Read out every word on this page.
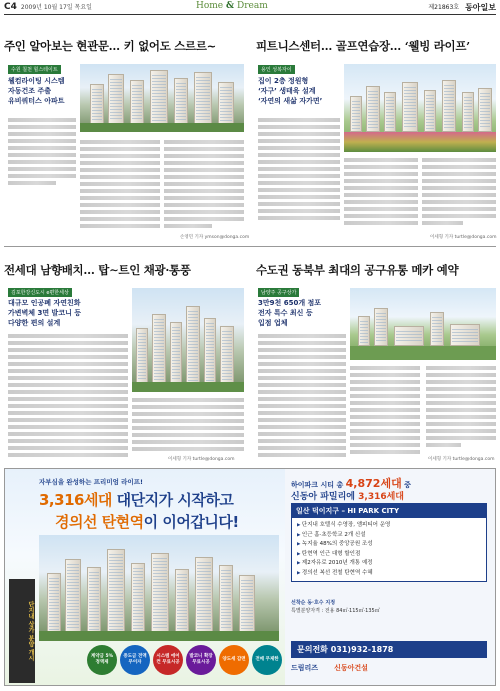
C4 2009년 10월 17일 목요일	Home & Dream	제21863호 동아일보
주인 알아보는 현관문… 키 없어도 스르르~
수원 칠천 힐스테이트
웰컴라이팅 시스템
자동건조 주출
유비쿼터스 아파트
손영민 기자 ymson@donga.com
피트니스센터… 골프연습장… ‘웰빙 라이프’
용인 성복자이
집이 2층 정원형
‘자구’ 생태육 설계
‘자연의 새삶 자가면’
이세형 기자 turtle@donga.com
전세대 남향배치… 탑∼트인 채광·통풍
김포한강신도시 e편한세상
대규모 인공폐 자연친화
가변벽체 3면 발코니 등
다양한 편의 설계
이세형 기자 turtle@donga.com
수도권 동북부 최대의 공구유통 메카 예약
남양주 공구상가
3만9천 650개 점포
전자 특수 최신 등
입점 업체
이세형 기자 turtle@donga.com
자부심을 완성하는 프리미엄 라이프!
3,316세대 대단지가 시작하고
경의선 탄현역이 이어갑니다!
단지내 상가 분양 개시	계약금 5% 정액제
중도금 전액 무이자
시스템 에어컨 무료시공
발코니 확장 무료시공
양도세 감면	전매 무제한
하이파크 시티 총 4,872세대 중
신동아 파밀리에 3,316세대
일산 덕이지구 – HI PARK CITY
▶ 단지내 호텔식 수영장, 앰피티어 운영
▶ 인근 홈·초등학교 2개 신설
▶ 녹지율 48%의 중앙공원 조성
▶ 탄현역 인근 대형 할인점
▶ 제2자유로 2010년 개통 예정
▶ 경의선 복선 전철 탄현역 수혜
선착순 동·호수 지정
특별분양자격 : 전용 84㎡·115㎡·135㎡
문의전화 031)932-1878
드림리즈 신동아건설
